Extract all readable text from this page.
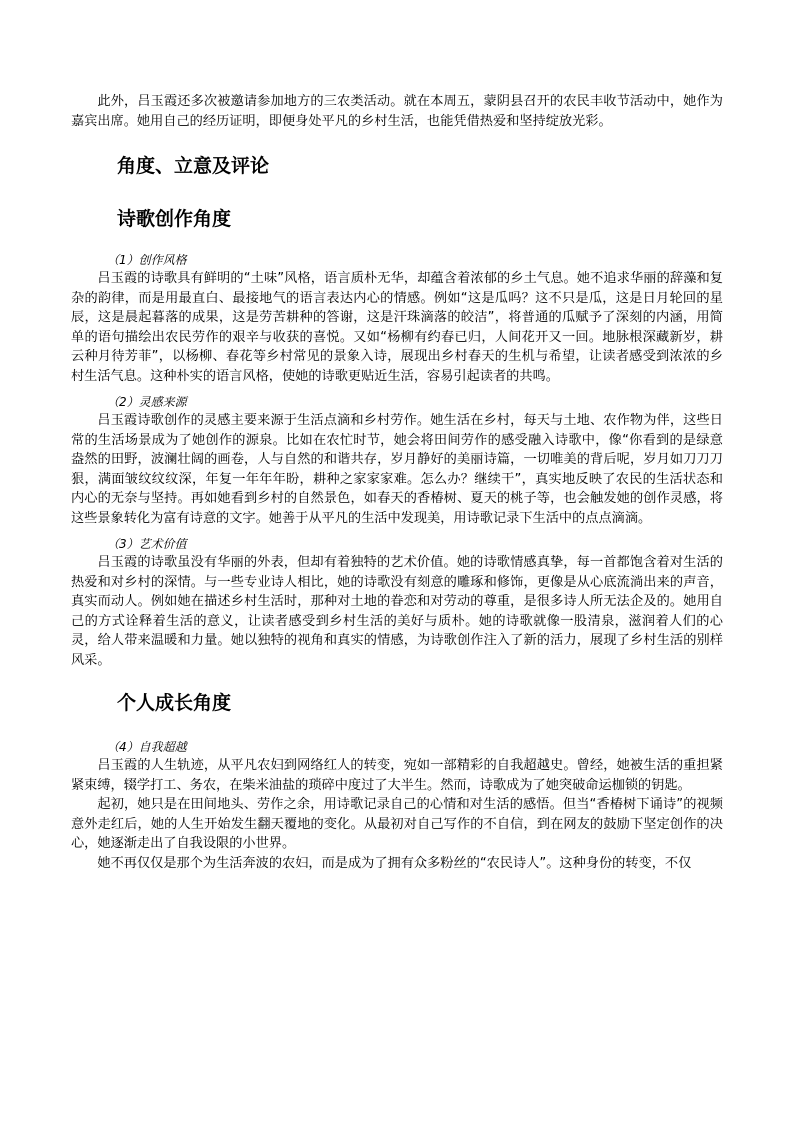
此外，吕玉霞还多次被邀请参加地方的三农类活动。就在本周五，蒙阴县召开的农民丰收节活动中，她作为嘉宾出席。她用自己的经历证明，即便身处平凡的乡村生活，也能凭借热爱和坚持绽放光彩。

角度、立意及评论
诗歌创作角度
（1）创作风格

吕玉霞的诗歌具有鲜明的“土味”风格，语言质朴无华，却蕴含着浓郁的乡土气息。她不追求华丽的辞藻和复杂的韵律，而是用最直白、最接地气的语言表达内心的情感。例如“这是瓜吗？这不只是瓜，这是日月轮回的星辰，这是晨起暮落的成果，这是劳苦耕种的答谢，这是汗珠滴落的皎洁”，将普通的瓜赋予了深刻的内涵，用简单的语句描绘出农民劳作的艰辛与收获的喜悦。又如“杨柳有约春已归，人间花开又一回。地脉根深藏新岁，耕云种月待芳菲”，以杨柳、春花等乡村常见的景象入诗，展现出乡村春天的生机与希望，让读者感受到浓浓的乡村生活气息。这种朴实的语言风格，使她的诗歌更贴近生活，容易引起读者的共鸣。

（2）灵感来源

吕玉霞诗歌创作的灵感主要来源于生活点滴和乡村劳作。她生活在乡村，每天与土地、农作物为伴，这些日常的生活场景成为了她创作的源泉。比如在农忙时节，她会将田间劳作的感受融入诗歌中，像“你看到的是绿意盎然的田野，波澜壮阔的画卷，人与自然的和谐共存，岁月静好的美丽诗篇，一切唯美的背后呢，岁月如刀刀刀狠，满面皱纹纹纹深，年复一年年年盼，耕种之家家家难。怎么办？继续干”，真实地反映了农民的生活状态和内心的无奈与坚持。再如她看到乡村的自然景色，如春天的香椿树、夏天的桃子等，也会触发她的创作灵感，将这些景象转化为富有诗意的文字。她善于从平凡的生活中发现美，用诗歌记录下生活中的点点滴滴。

（3）艺术价值

吕玉霞的诗歌虽没有华丽的外表，但却有着独特的艺术价值。她的诗歌情感真挚，每一首都饱含着对生活的热爱和对乡村的深情。与一些专业诗人相比，她的诗歌没有刻意的雕琢和修饰，更像是从心底流淌出来的声音，真实而动人。例如她在描述乡村生活时，那种对土地的眷恋和对劳动的尊重，是很多诗人所无法企及的。她用自己的方式诠释着生活的意义，让读者感受到乡村生活的美好与质朴。她的诗歌就像一股清泉，滋润着人们的心灵，给人带来温暖和力量。她以独特的视角和真实的情感，为诗歌创作注入了新的活力，展现了乡村生活的别样风采。

个人成长角度
（4）自我超越

吕玉霞的人生轨迹，从平凡农妇到网络红人的转变，宛如一部精彩的自我超越史。曾经，她被生活的重担紧紧束缚，辍学打工、务农，在柴米油盐的琐碎中度过了大半生。然而，诗歌成为了她突破命运枷锁的钥匙。

起初，她只是在田间地头、劳作之余，用诗歌记录自己的心情和对生活的感悟。但当“香椿树下诵诗”的视频意外走红后，她的人生开始发生翻天覆地的变化。从最初对自己写作的不自信，到在网友的鼓励下坚定创作的决心，她逐渐走出了自我设限的小世界。

她不再仅仅是那个为生活奔波的农妇，而是成为了拥有众多粉丝的“农民诗人”。这种身份的转变，不仅
